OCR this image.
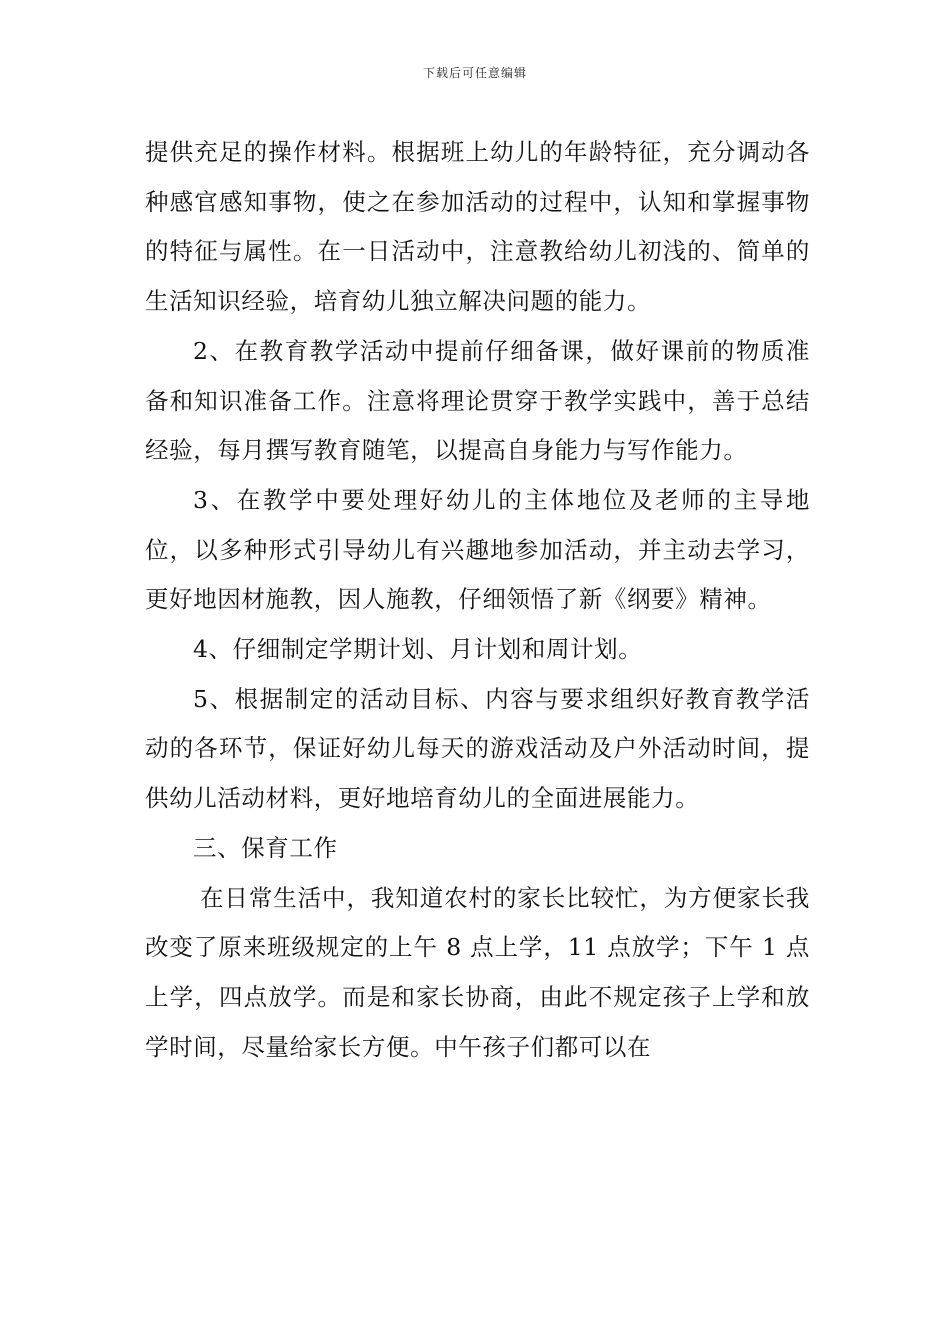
下载后可任意编辑

提供充足的操作材料。根据班上幼儿的年龄特征，充分调动各种感官感知事物，使之在参加活动的过程中，认知和掌握事物的特征与属性。在一日活动中，注意教给幼儿初浅的、简单的生活知识经验，培育幼儿独立解决问题的能力。

2、在教育教学活动中提前仔细备课，做好课前的物质准备和知识准备工作。注意将理论贯穿于教学实践中，善于总结经验，每月撰写教育随笔，以提高自身能力与写作能力。

3、在教学中要处理好幼儿的主体地位及老师的主导地位，以多种形式引导幼儿有兴趣地参加活动，并主动去学习，更好地因材施教，因人施教，仔细领悟了新《纲要》精神。

4、仔细制定学期计划、月计划和周计划。

5、根据制定的活动目标、内容与要求组织好教育教学活动的各环节，保证好幼儿每天的游戏活动及户外活动时间，提供幼儿活动材料，更好地培育幼儿的全面进展能力。

三、保育工作

在日常生活中，我知道农村的家长比较忙，为方便家长我改变了原来班级规定的上午 8 点上学，11 点放学；下午 1 点上学，四点放学。而是和家长协商，由此不规定孩子上学和放学时间，尽量给家长方便。中午孩子们都可以在
